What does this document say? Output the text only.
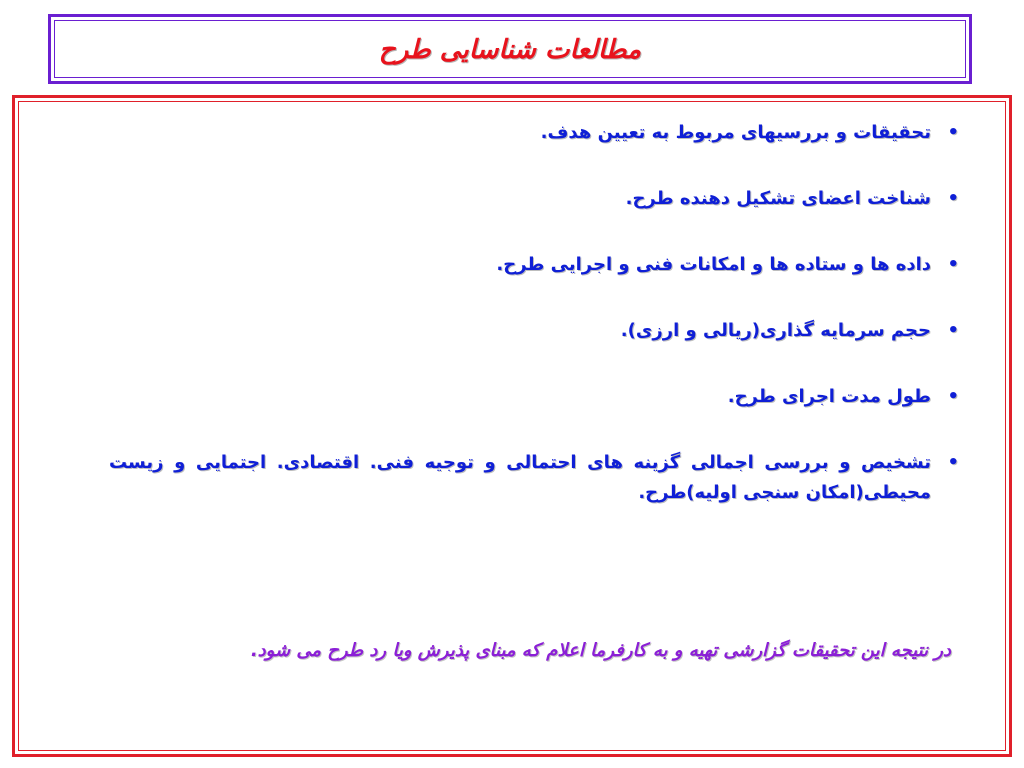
مطالعات شناسایی طرح
•
تحقیقات و بررسیهای مربوط به تعیین هدف.
•
شناخت اعضای تشکیل دهنده طرح.
•
داده ها و ستاده ها و امکانات فنی و اجرایی طرح.
•
حجم سرمایه گذاری(ریالی و ارزی).
•
طول مدت اجرای طرح.
•
تشخیص و بررسی اجمالی گزینه های احتمالی و توجیه فنی. اقتصادی. اجتمایی و زیست محیطی(امکان سنجی اولیه)طرح.
در نتیجه این تحقیقات گزارشی تهیه و به کارفرما اعلام که مبنای پذیرش ویا رد طرح می شود.
